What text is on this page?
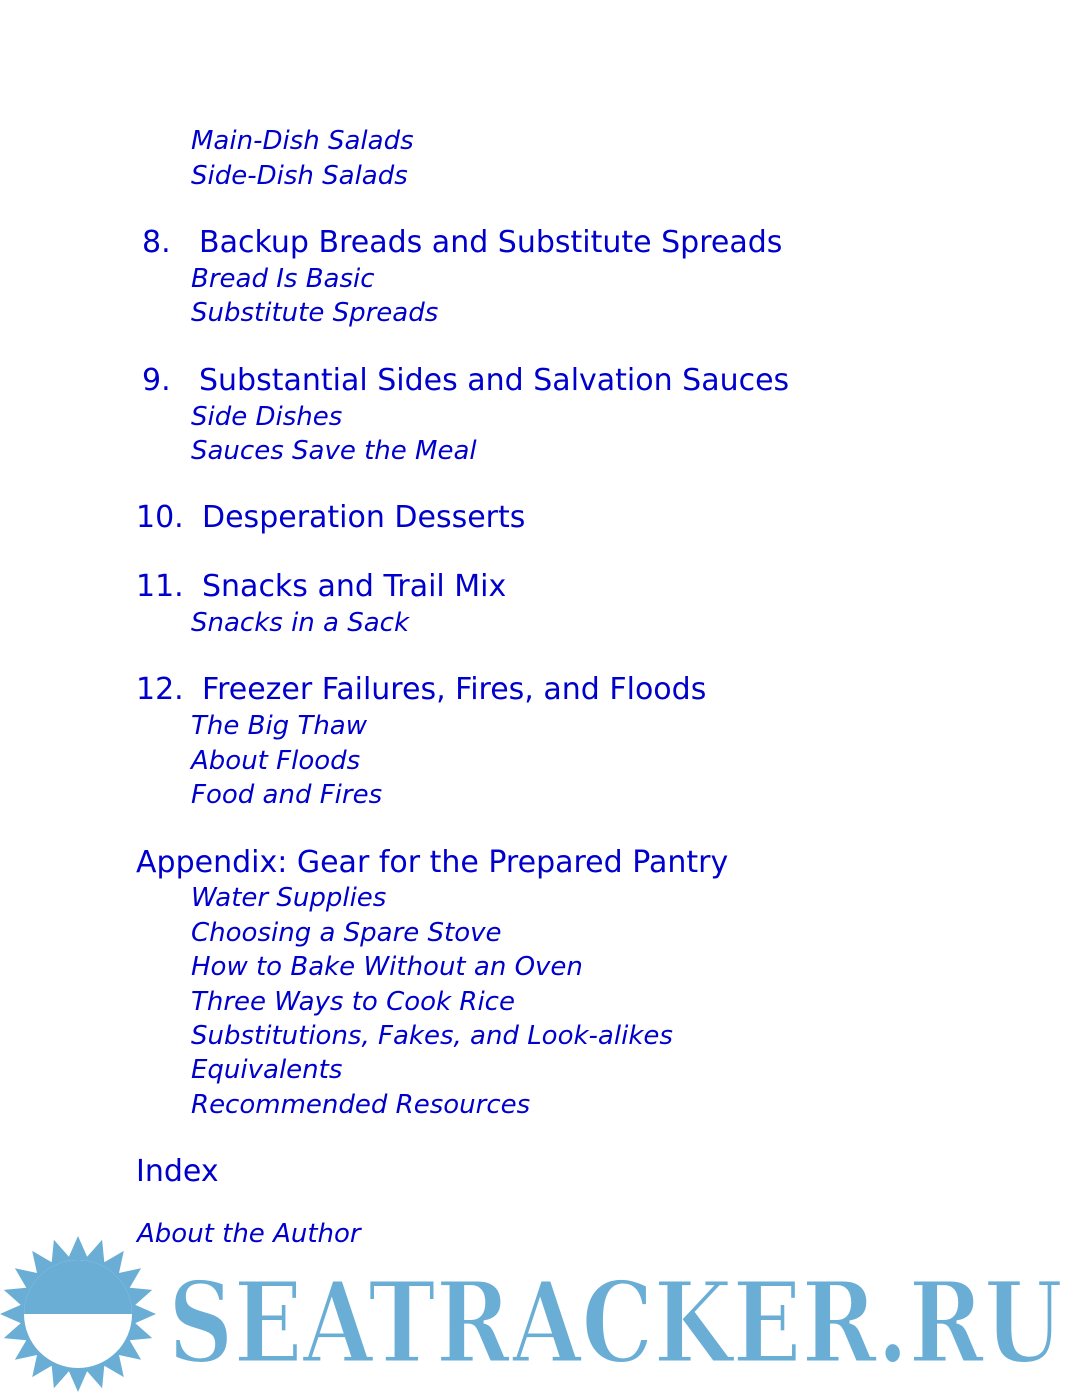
Main-Dish Salads
Side-Dish Salads
8. Backup Breads and Substitute Spreads
Bread Is Basic
Substitute Spreads
9. Substantial Sides and Salvation Sauces
Side Dishes
Sauces Save the Meal
10. Desperation Desserts
11. Snacks and Trail Mix
Snacks in a Sack
12. Freezer Failures, Fires, and Floods
The Big Thaw
About Floods
Food and Fires
Appendix: Gear for the Prepared Pantry
Water Supplies
Choosing a Spare Stove
How to Bake Without an Oven
Three Ways to Cook Rice
Substitutions, Fakes, and Look-alikes
Equivalents
Recommended Resources
Index
About the Author
SEATRACKER.RU
